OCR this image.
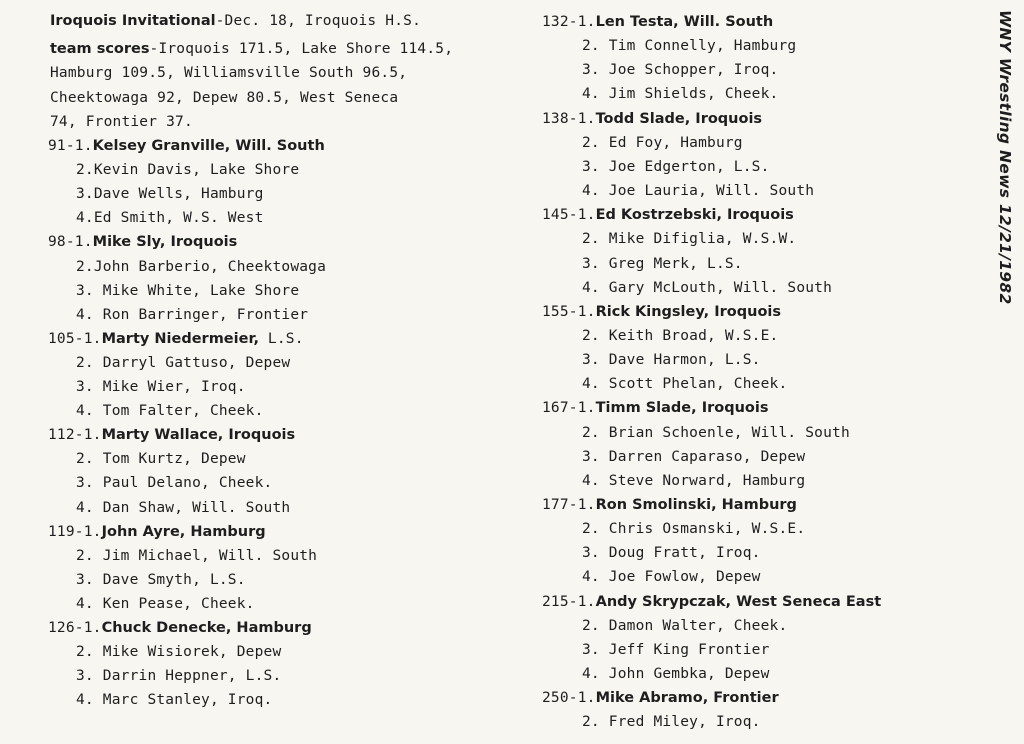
Iroquois Invitational-Dec. 18, Iroquois H.S.
team scores-Iroquois 171.5, Lake Shore 114.5,
Hamburg 109.5, Williamsville South 96.5,
Cheektowaga 92, Depew 80.5, West Seneca
74, Frontier 37.
91-1.Kelsey Granville, Will. South
2.Kevin Davis, Lake Shore
3.Dave Wells, Hamburg
4.Ed Smith, W.S. West
98-1.Mike Sly, Iroquois
2.John Barberio, Cheektowaga
3. Mike White, Lake Shore
4. Ron Barringer, Frontier
105-1.Marty Niedermeier, L.S.
2. Darryl Gattuso, Depew
3. Mike Wier, Iroq.
4. Tom Falter, Cheek.
112-1.Marty Wallace, Iroquois
2. Tom Kurtz, Depew
3. Paul Delano, Cheek.
4. Dan Shaw, Will. South
119-1.John Ayre, Hamburg
2. Jim Michael, Will. South
3. Dave Smyth, L.S.
4. Ken Pease, Cheek.
126-1.Chuck Denecke, Hamburg
2. Mike Wisiorek, Depew
3. Darrin Heppner, L.S.
4. Marc Stanley, Iroq.
132-1.Len Testa, Will. South
2. Tim Connelly, Hamburg
3. Joe Schopper, Iroq.
4. Jim Shields, Cheek.
138-1.Todd Slade, Iroquois
2. Ed Foy, Hamburg
3. Joe Edgerton, L.S.
4. Joe Lauria, Will. South
145-1.Ed Kostrzebski, Iroquois
2. Mike Difiglia, W.S.W.
3. Greg Merk, L.S.
4. Gary McLouth, Will. South
155-1.Rick Kingsley, Iroquois
2. Keith Broad, W.S.E.
3. Dave Harmon, L.S.
4. Scott Phelan, Cheek.
167-1.Timm Slade, Iroquois
2. Brian Schoenle, Will. South
3. Darren Caparaso, Depew
4. Steve Norward, Hamburg
177-1.Ron Smolinski, Hamburg
2. Chris Osmanski, W.S.E.
3. Doug Fratt, Iroq.
4. Joe Fowlow, Depew
215-1.Andy Skrypczak, West Seneca East
2. Damon Walter, Cheek.
3. Jeff King Frontier
4. John Gembka, Depew
250-1.Mike Abramo, Frontier
2. Fred Miley, Iroq.
WNY Wrestling News 12/21/1982
